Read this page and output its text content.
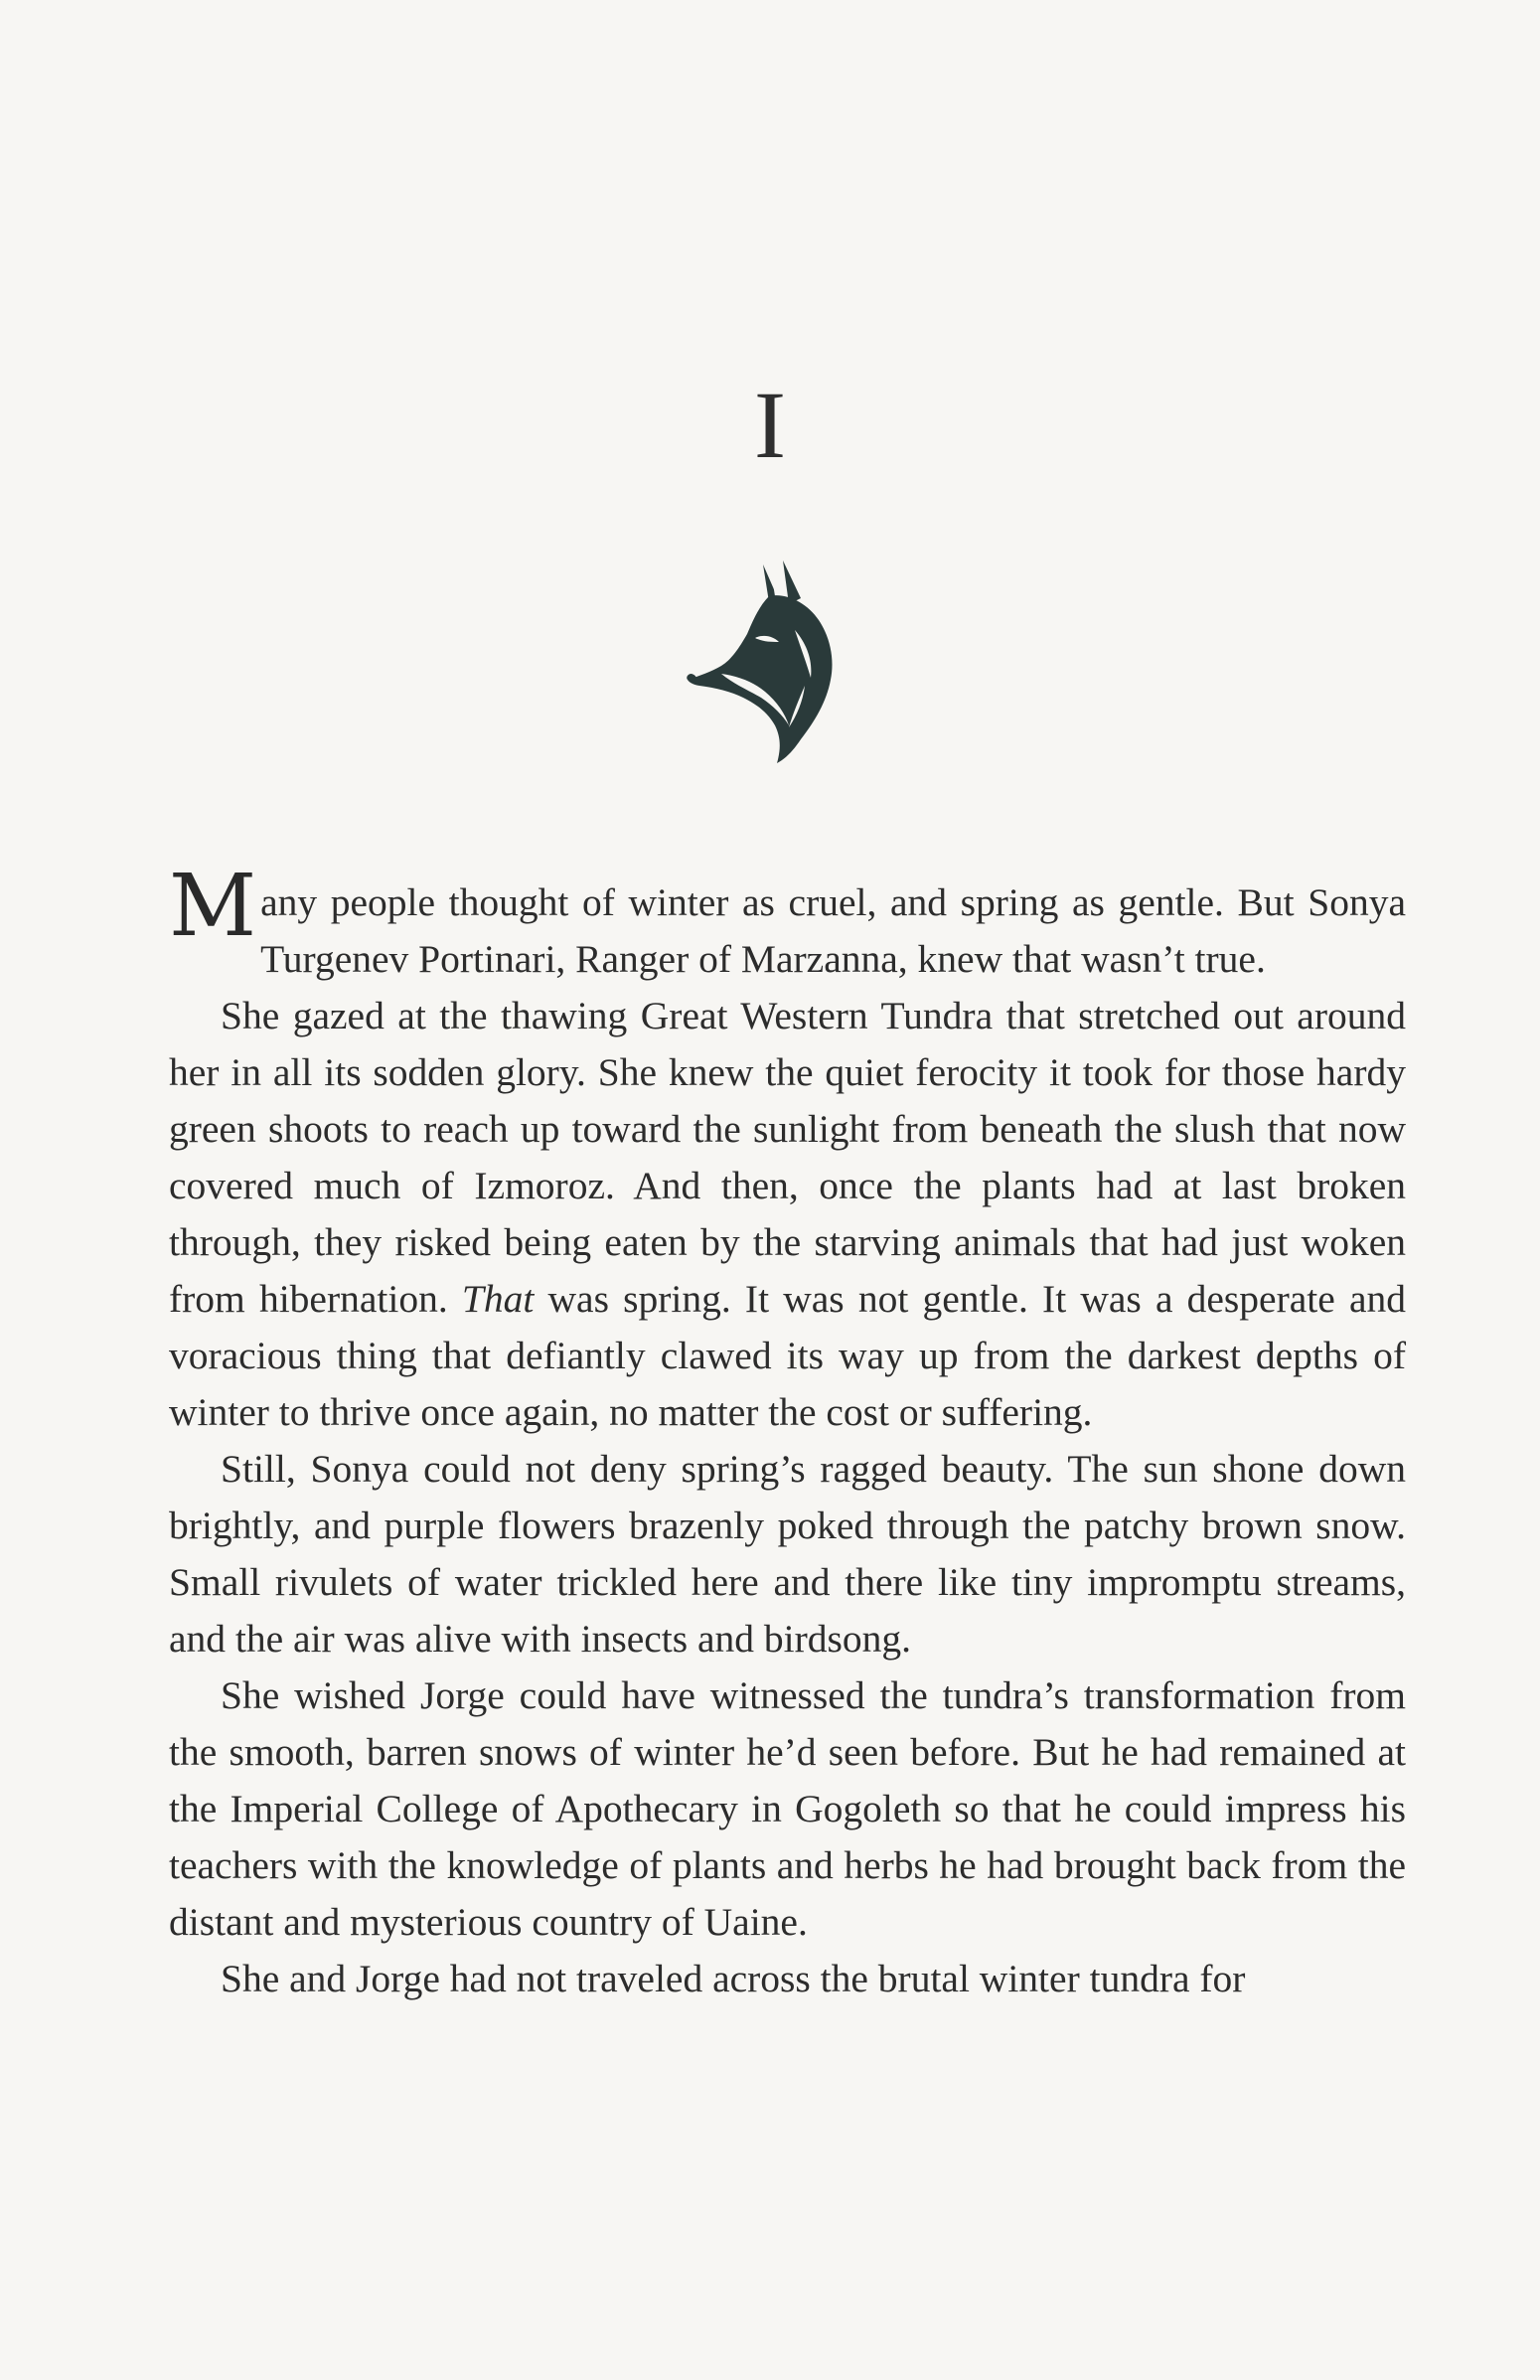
I

Many people thought of winter as cruel, and spring as gentle. But Sonya Turgenev Portinari, Ranger of Marzanna, knew that wasn’t true.

She gazed at the thawing Great Western Tundra that stretched out around her in all its sodden glory. She knew the quiet ferocity it took for those hardy green shoots to reach up toward the sunlight from beneath the slush that now covered much of Izmoroz. And then, once the plants had at last broken through, they risked being eaten by the starving animals that had just woken from hibernation. That was spring. It was not gentle. It was a desperate and voracious thing that defiantly clawed its way up from the darkest depths of winter to thrive once again, no matter the cost or suffering.

Still, Sonya could not deny spring’s ragged beauty. The sun shone down brightly, and purple flowers brazenly poked through the patchy brown snow. Small rivulets of water trickled here and there like tiny impromptu streams, and the air was alive with insects and birdsong.

She wished Jorge could have witnessed the tundra’s transformation from the smooth, barren snows of winter he’d seen before. But he had remained at the Imperial College of Apothecary in Gogoleth so that he could impress his teachers with the knowledge of plants and herbs he had brought back from the distant and mysterious country of Uaine.

She and Jorge had not traveled across the brutal winter tundra for
